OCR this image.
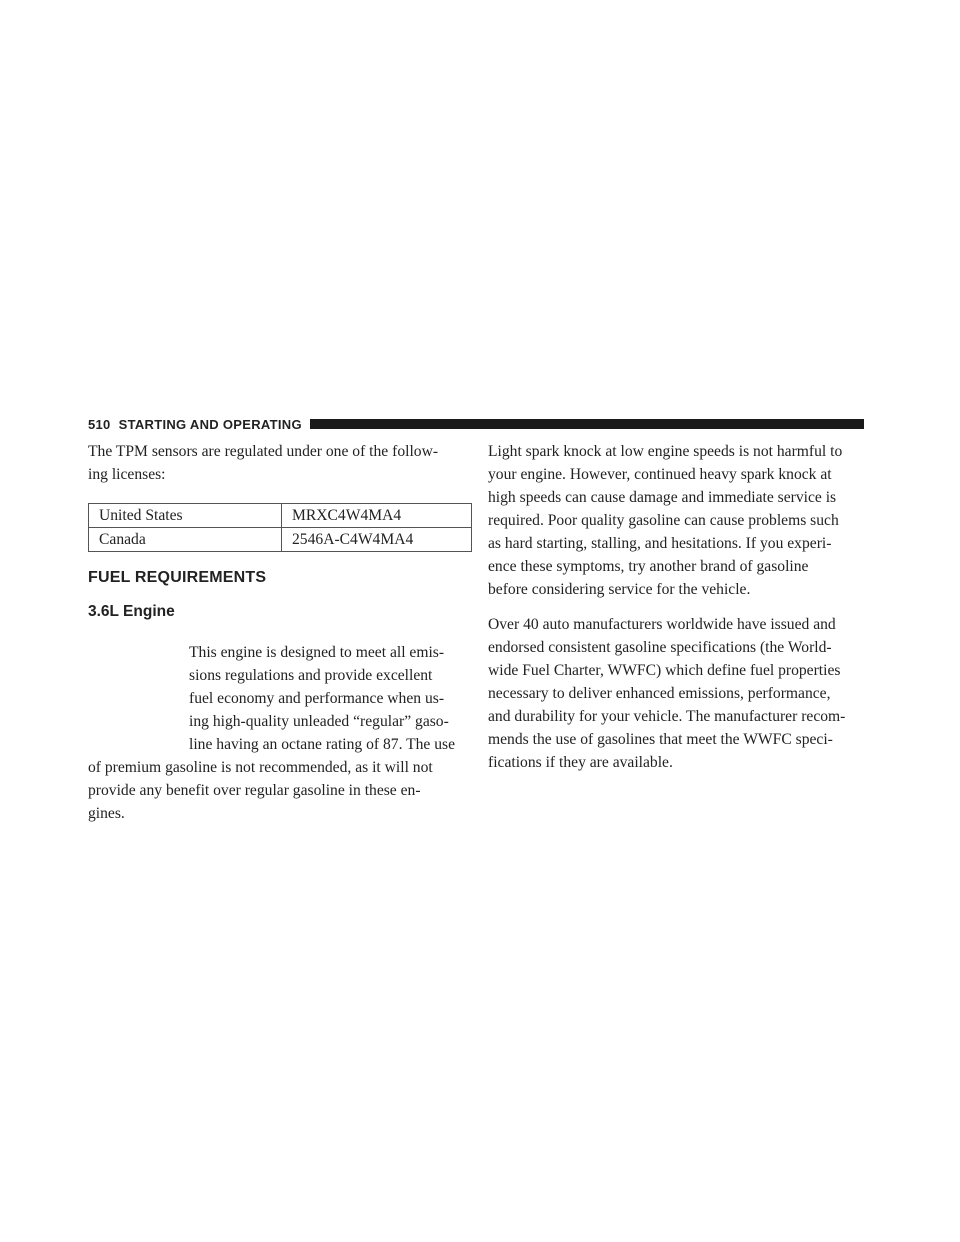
510 STARTING AND OPERATING

The TPM sensors are regulated under one of the follow-
ing licenses:

United States	MRXC4W4MA4
Canada	2546A-C4W4MA4
FUEL REQUIREMENTS
3.6L Engine

This engine is designed to meet all emis-
sions regulations and provide excellent
fuel economy and performance when us-
ing high-quality unleaded “regular” gaso-
line having an octane rating of 87. The use

of premium gasoline is not recommended, as it will not
provide any benefit over regular gasoline in these en-
gines.

Light spark knock at low engine speeds is not harmful to
your engine. However, continued heavy spark knock at
high speeds can cause damage and immediate service is
required. Poor quality gasoline can cause problems such
as hard starting, stalling, and hesitations. If you experi-
ence these symptoms, try another brand of gasoline
before considering service for the vehicle.

Over 40 auto manufacturers worldwide have issued and
endorsed consistent gasoline specifications (the World-
wide Fuel Charter, WWFC) which define fuel properties
necessary to deliver enhanced emissions, performance,
and durability for your vehicle. The manufacturer recom-
mends the use of gasolines that meet the WWFC speci-
fications if they are available.
